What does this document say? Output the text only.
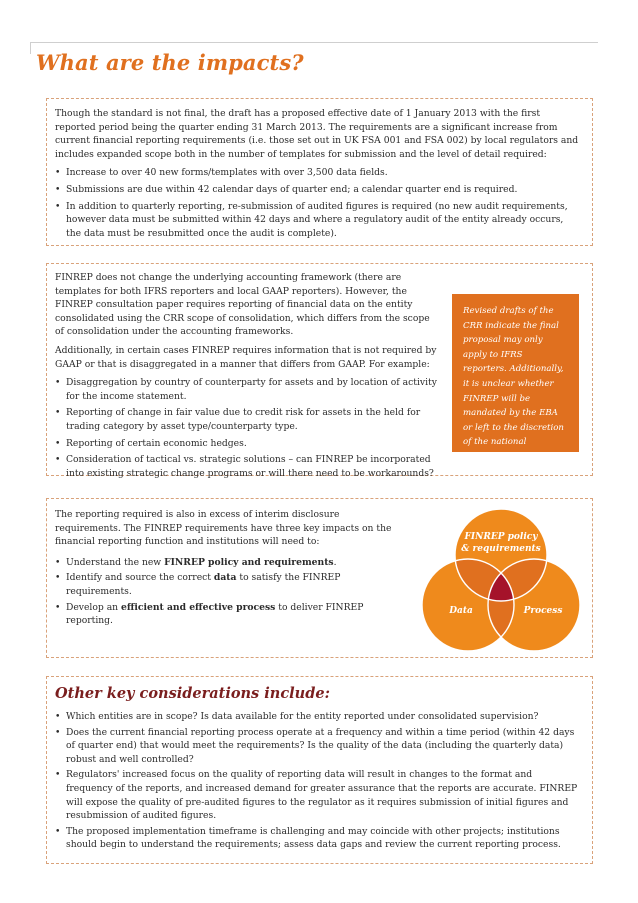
What are the impacts?

Though the standard is not final, the draft has a proposed effective date of 1 January 2013 with the first reported period being the quarter ending 31 March 2013. The requirements are a significant increase from current financial reporting requirements (i.e. those set out in UK FSA 001 and FSA 002) by local regulators and includes expanded scope both in the number of templates for submission and the level of detail required:

• Increase to over 40 new forms/templates with over 3,500 data fields.
• Submissions are due within 42 calendar days of quarter end; a calendar quarter end is required.
• In addition to quarterly reporting, re-submission of audited figures is required (no new audit requirements, however data must be submitted within 42 days and where a regulatory audit of the entity already occurs, the data must be resubmitted once the audit is complete).

FINREP does not change the underlying accounting framework (there are templates for both IFRS reporters and local GAAP reporters). However, the FINREP consultation paper requires reporting of financial data on the entity consolidated using the CRR scope of consolidation, which differs from the scope of consolidation under the accounting frameworks.

Additionally, in certain cases FINREP requires information that is not required by GAAP or that is disaggregated in a manner that differs from GAAP. For example:

• Disaggregation by country of counterparty for assets and by location of activity for the income statement.
• Reporting of change in fair value due to credit risk for assets in the held for trading category by asset type/counterparty type.
• Reporting of certain economic hedges.
• Consideration of tactical vs. strategic solutions – can FINREP be incorporated into existing strategic change programs or will there need to be workarounds?
Revised drafts of the CRR indicate the final proposal may only apply to IFRS reporters. Additionally, it is unclear whether FINREP will be mandated by the EBA or left to the discretion of the national regulators.

The reporting required is also in excess of interim disclosure requirements. The FINREP requirements have three key impacts on the financial reporting function and institutions will need to:

• Understand the new FINREP policy and requirements.
• Identify and source the correct data to satisfy the FINREP requirements.
• Develop an efficient and effective process to deliver FINREP reporting.
FINREP policy
& requirements
Data	Process
Other key considerations include:
• Which entities are in scope? Is data available for the entity reported under consolidated supervision?
• Does the current financial reporting process operate at a frequency and within a time period (within 42 days of quarter end) that would meet the requirements? Is the quality of the data (including the quarterly data) robust and well controlled?
• Regulators' increased focus on the quality of reporting data will result in changes to the format and frequency of the reports, and increased demand for greater assurance that the reports are accurate. FINREP will expose the quality of pre-audited figures to the regulator as it requires submission of initial figures and resubmission of audited figures.
• The proposed implementation timeframe is challenging and may coincide with other projects; institutions should begin to understand the requirements; assess data gaps and review the current reporting process.
